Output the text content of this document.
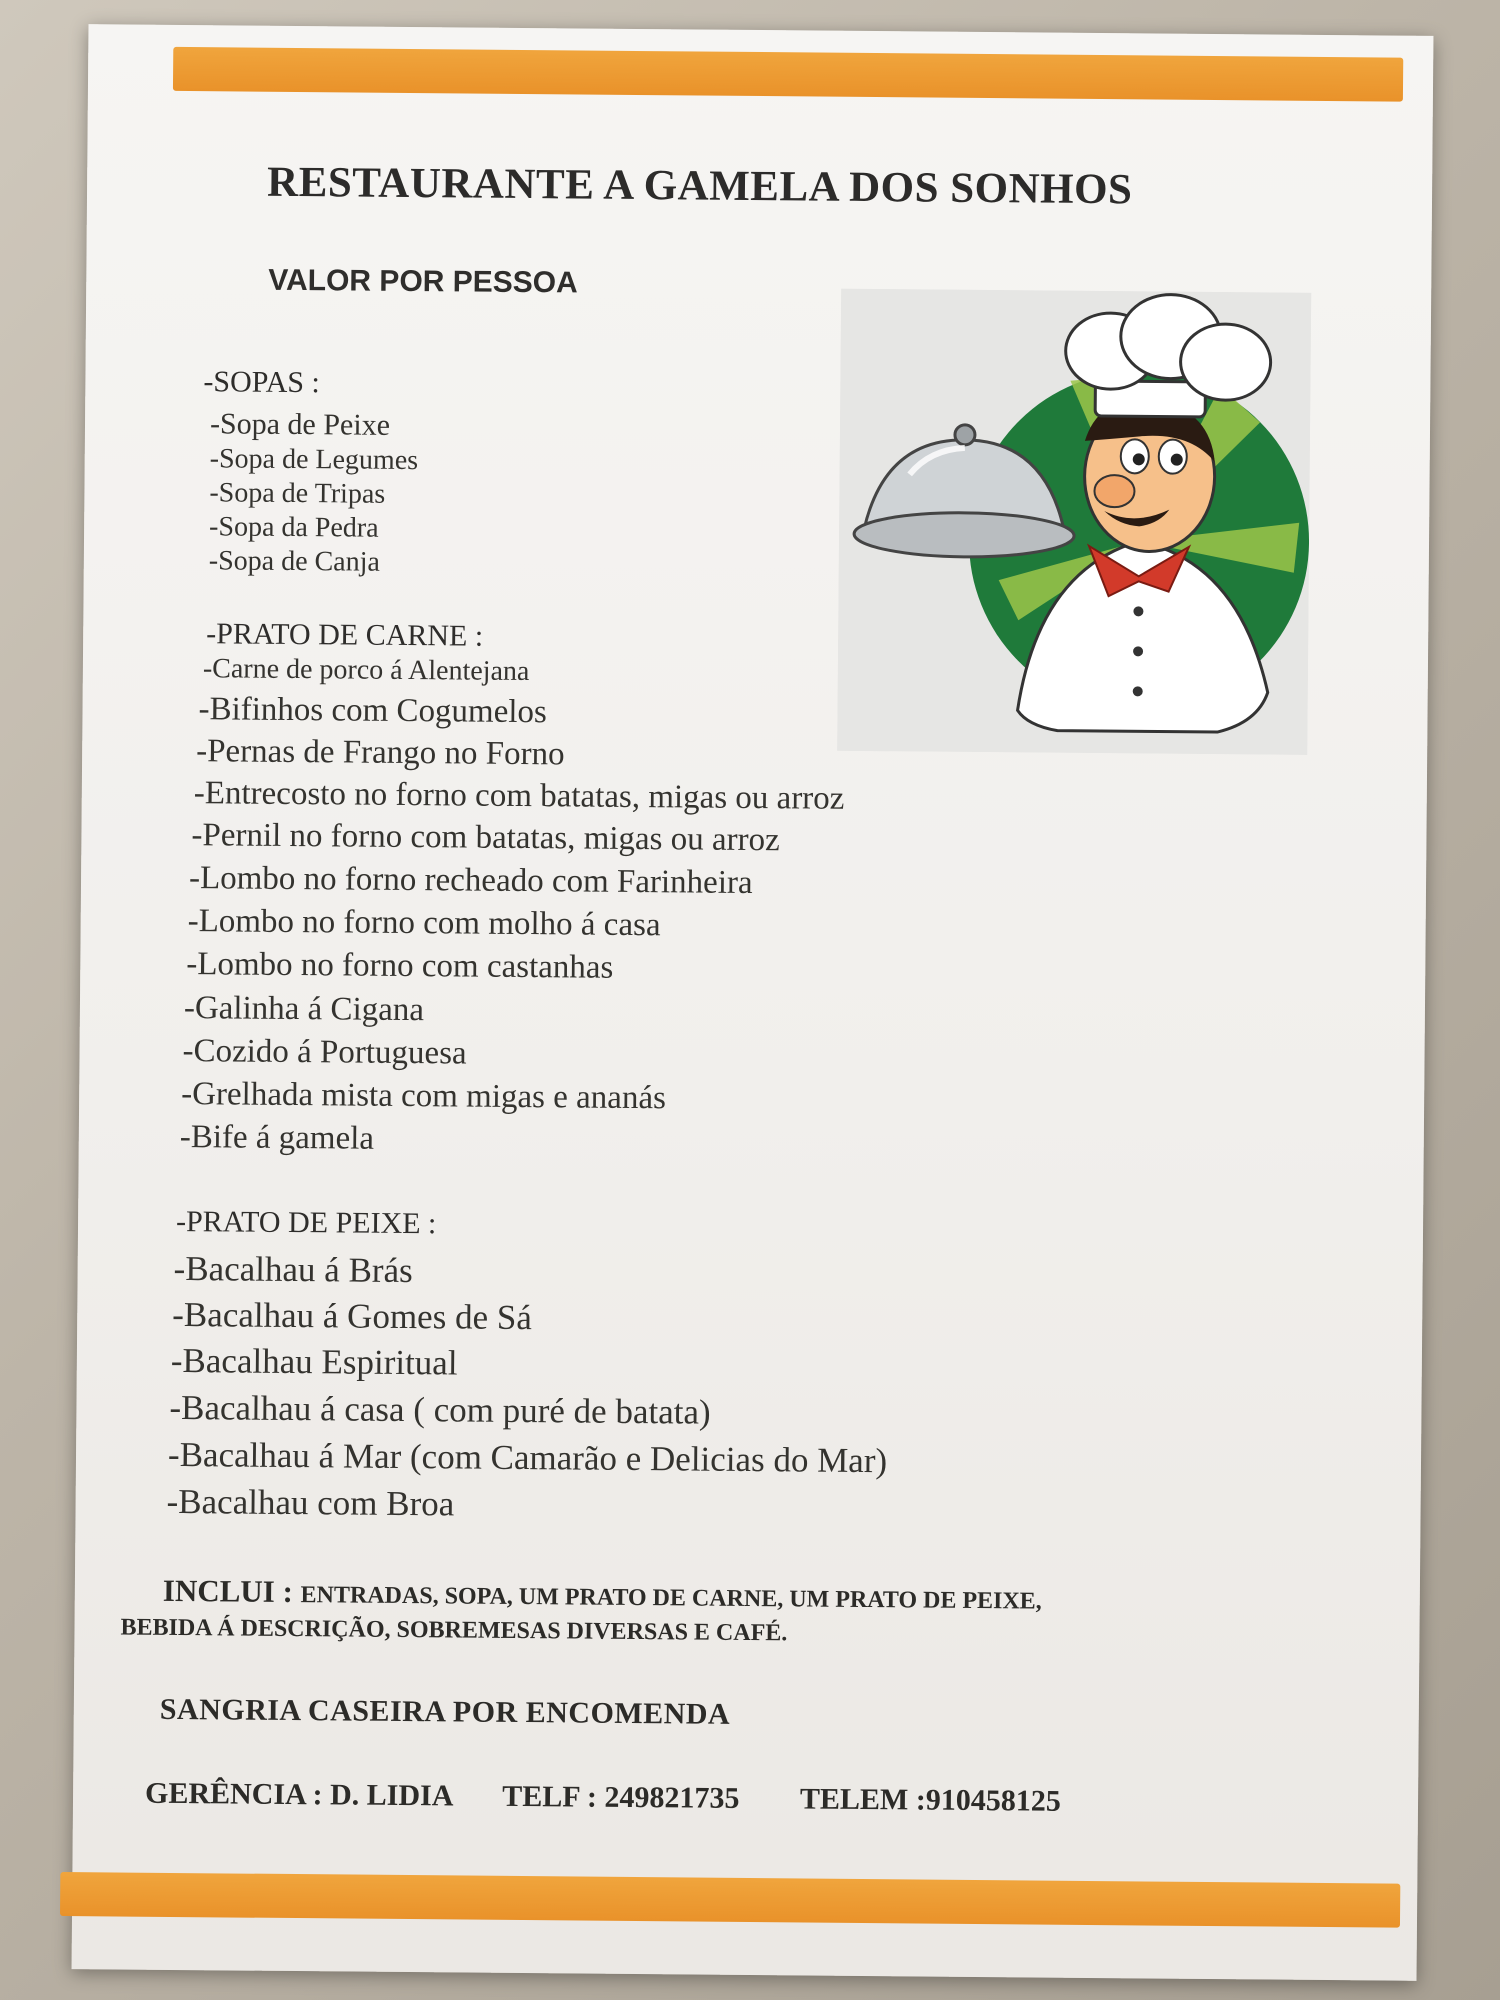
RESTAURANTE A GAMELA DOS SONHOS
VALOR POR PESSOA
-SOPAS :
-Sopa de Peixe
-Sopa de Legumes
-Sopa de Tripas
-Sopa da Pedra
-Sopa de Canja
-PRATO DE CARNE :
-Carne de porco á Alentejana
-Bifinhos com Cogumelos
-Pernas de Frango no Forno
-Entrecosto no forno com batatas, migas ou arroz
-Pernil no forno com batatas, migas ou arroz
-Lombo no forno recheado com Farinheira
-Lombo no forno com molho á casa
-Lombo no forno com castanhas
-Galinha á Cigana
-Cozido á Portuguesa
-Grelhada mista com migas e ananás
-Bife á gamela
-PRATO DE PEIXE :
-Bacalhau á Brás
-Bacalhau á Gomes de Sá
-Bacalhau Espiritual
-Bacalhau á casa ( com puré de batata)
-Bacalhau á Mar (com Camarão e Delicias do Mar)
-Bacalhau com Broa
INCLUI : ENTRADAS, SOPA, UM PRATO DE CARNE, UM PRATO DE PEIXE,
BEBIDA Á DESCRIÇÃO, SOBREMESAS DIVERSAS E CAFÉ.
SANGRIA CASEIRA POR ENCOMENDA
GERÊNCIA : D. LIDIA TELF : 249821735 TELEM :910458125
